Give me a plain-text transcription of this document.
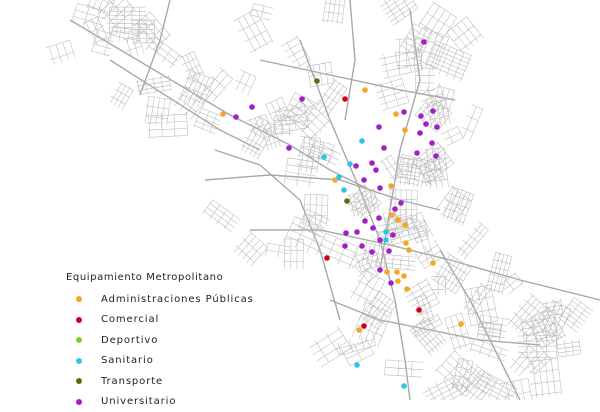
Equipamiento Metropolitano
Administraciones Públicas
Comercial
Deportivo
Sanitario
Transporte
Universitario
